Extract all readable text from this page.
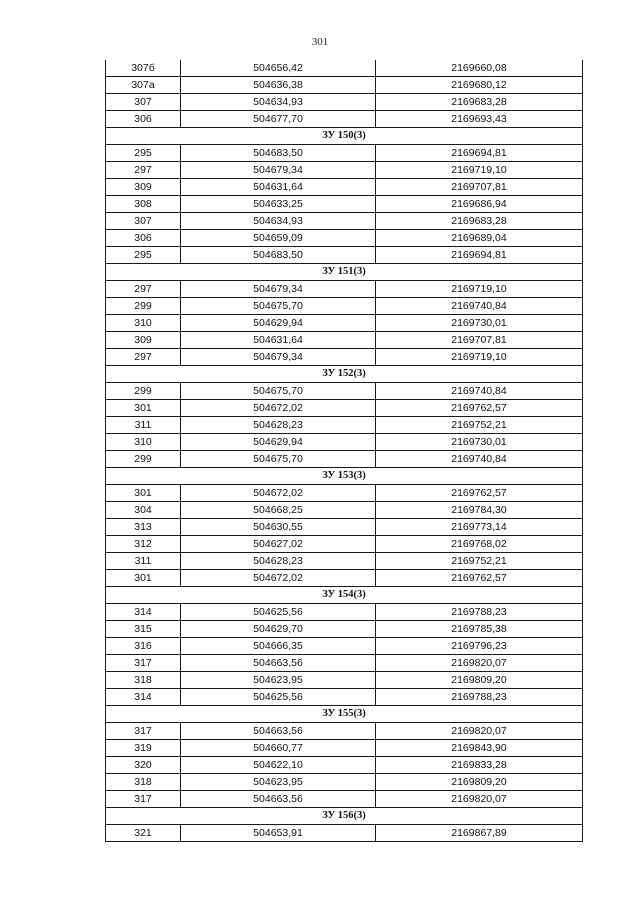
301
307б	504656,42	2169660,08
307а	504636,38	2169680,12
307	504634,93	2169683,28
306	504677,70	2169693,43
ЗУ 150(3)		
295	504683,50	2169694,81
297	504679,34	2169719,10
309	504631,64	2169707,81
308	504633,25	2169686,94
307	504634,93	2169683,28
306	504659,09	2169689,04
295	504683,50	2169694,81
ЗУ 151(3)		
297	504679,34	2169719,10
299	504675,70	2169740,84
310	504629,94	2169730,01
309	504631,64	2169707,81
297	504679,34	2169719,10
ЗУ 152(3)		
299	504675,70	2169740,84
301	504672,02	2169762,57
311	504628,23	2169752,21
310	504629,94	2169730,01
299	504675,70	2169740,84
ЗУ 153(3)		
301	504672,02	2169762,57
304	504668,25	2169784,30
313	504630,55	2169773,14
312	504627,02	2169768,02
311	504628,23	2169752,21
301	504672,02	2169762,57
ЗУ 154(3)		
314	504625,56	2169788,23
315	504629,70	2169785,38
316	504666,35	2169796,23
317	504663,56	2169820,07
318	504623,95	2169809,20
314	504625,56	2169788,23
ЗУ 155(3)		
317	504663,56	2169820,07
319	504660,77	2169843,90
320	504622,10	2169833,28
318	504623,95	2169809,20
317	504663,56	2169820,07
ЗУ 156(3)		
321	504653,91	2169867,89
